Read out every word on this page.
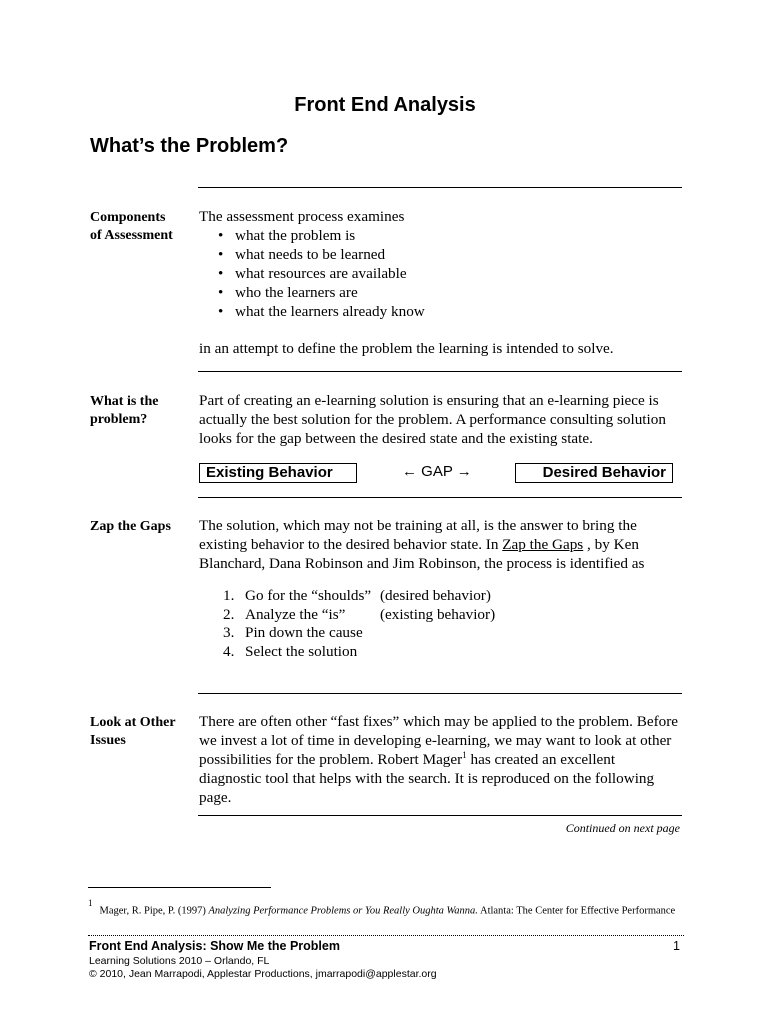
Front End Analysis
What’s the Problem?
Components
of Assessment
The assessment process examines
• what the problem is
• what needs to be learned
• what resources are available
• who the learners are
• what the learners already know
in an attempt to define the problem the learning is intended to solve.
What is the
problem?
Part of creating an e-learning solution is ensuring that an e-learning piece is actually the best solution for the problem. A performance consulting solution looks for the gap between the desired state and the existing state.
Existing Behavior	← GAP →	Desired Behavior
Zap the Gaps The solution, which may not be training at all, is the answer to bring the existing behavior to the desired behavior state. In Zap the Gaps , by Ken Blanchard, Dana Robinson and Jim Robinson, the process is identified as
1. Go for the “shoulds” (desired behavior)
2. Analyze the “is” (existing behavior)
3. Pin down the cause
4. Select the solution
Look at Other
Issues
There are often other “fast fixes” which may be applied to the problem. Before we invest a lot of time in developing e-learning, we may want to look at other possibilities for the problem. Robert Mager$^1$ has created an excellent diagnostic tool that helps with the search. It is reproduced on the following page.
Continued on next page
$^1$Mager, R. Pipe, P. (1997) Analyzing Performance Problems or You Really Oughta Wanna. Atlanta: The Center for Effective Performance
Front End Analysis: Show Me the Problem	1
Learning Solutions 2010 – Orlando, FL
© 2010, Jean Marrapodi, Applestar Productions, jmarrapodi@applestar.org
